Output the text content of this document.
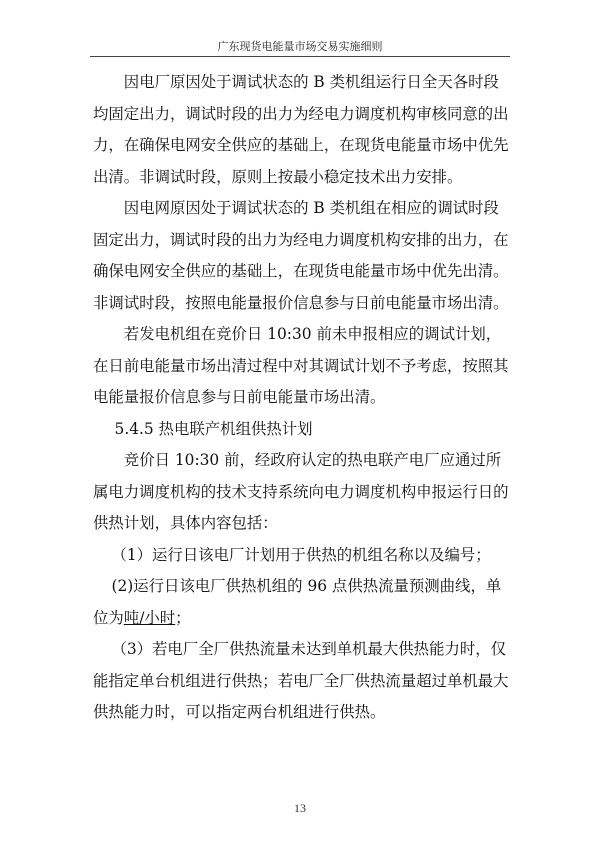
广东现货电能量市场交易实施细则

因电厂原因处于调试状态的 B 类机组运行日全天各时段均固定出力，调试时段的出力为经电力调度机构审核同意的出力，在确保电网安全供应的基础上，在现货电能量市场中优先出清。非调试时段，原则上按最小稳定技术出力安排。

因电网原因处于调试状态的 B 类机组在相应的调试时段固定出力，调试时段的出力为经电力调度机构安排的出力，在确保电网安全供应的基础上，在现货电能量市场中优先出清。非调试时段，按照电能量报价信息参与日前电能量市场出清。

若发电机组在竞价日 10:30 前未申报相应的调试计划，在日前电能量市场出清过程中对其调试计划不予考虑，按照其电能量报价信息参与日前电能量市场出清。

5.4.5 热电联产机组供热计划

竞价日 10:30 前，经政府认定的热电联产电厂应通过所属电力调度机构的技术支持系统向电力调度机构申报运行日的供热计划，具体内容包括：

（1）运行日该电厂计划用于供热的机组名称以及编号；

(2)运行日该电厂供热机组的 96 点供热流量预测曲线，单位为吨/小时；

（3）若电厂全厂供热流量未达到单机最大供热能力时，仅能指定单台机组进行供热；若电厂全厂供热流量超过单机最大供热能力时，可以指定两台机组进行供热。

13
